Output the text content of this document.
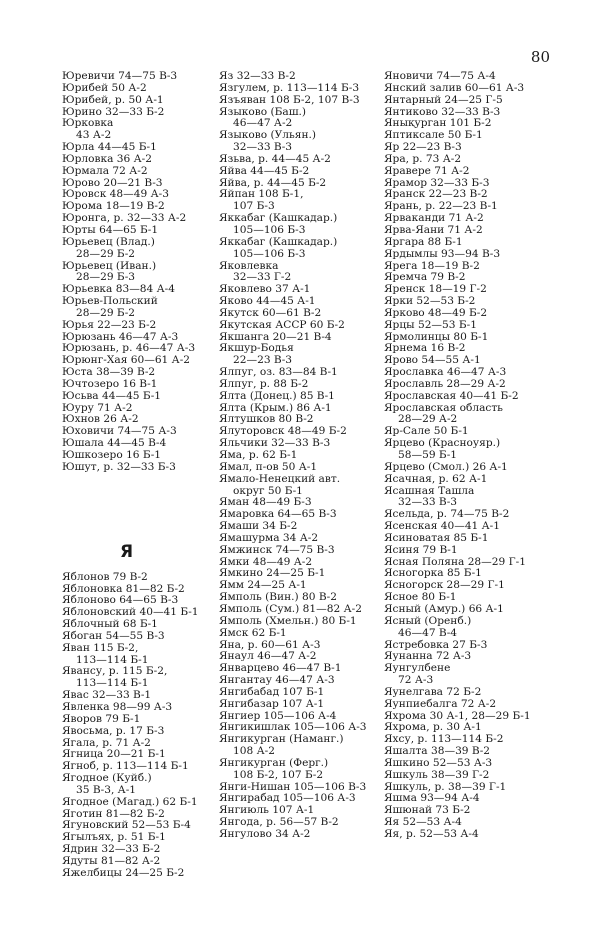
80
Юревичи 74—75 В-3
Юрибей 50 А-2
Юрибей, р. 50 А-1
Юрино 32—33 Б-2
Юрковка
43 А-2
Юрла 44—45 Б-1
Юрловка 36 А-2
Юрмала 72 А-2
Юрово 20—21 В-3
Юровск 48—49 А-3
Юрома 18—19 В-2
Юронга, р. 32—33 А-2
Юрты 64—65 Б-1
Юрьевец (Влад.)
28—29 Б-2
Юрьевец (Иван.)
28—29 Б-3
Юрьевка 83—84 А-4
Юрьев-Польский
28—29 Б-2
Юрья 22—23 Б-2
Юрюзань 46—47 А-3
Юрюзань, р. 46—47 А-3
Юрюнг-Хая 60—61 А-2
Юста 38—39 В-2
Ючтозеро 16 В-1
Юсьва 44—45 Б-1
Юуру 71 А-2
Юхнов 26 А-2
Юховичи 74—75 А-3
Юшала 44—45 В-4
Юшкозеро 16 Б-1
Юшут, р. 32—33 Б-3
Я
Яблонов 79 В-2
Яблоновка 81—82 Б-2
Яблоново 64—65 В-3
Яблоновский 40—41 Б-1
Яблочный 68 Б-1
Ябоган 54—55 В-3
Яван 115 Б-2,
113—114 Б-1
Явансу, р. 115 Б-2,
113—114 Б-1
Явас 32—33 В-1
Явленка 98—99 А-3
Яворов 79 Б-1
Явосьма, р. 17 Б-3
Ягала, р. 71 А-2
Ягница 20—21 Б-1
Ягноб, р. 113—114 Б-1
Ягодное (Куйб.)
35 В-3, А-1
Ягодное (Магад.) 62 Б-1
Яготин 81—82 Б-2
Ягуновский 52—53 Б-4
Ягылъях, р. 51 Б-1
Ядрин 32—33 Б-2
Ядуты 81—82 А-2
Яжелбицы 24—25 Б-2
Яз 32—33 В-2
Язгулем, р. 113—114 Б-3
Язъяван 108 Б-2, 107 В-3
Языково (Баш.)
46—47 А-2
Языково (Ульян.)
32—33 В-3
Язьва, р. 44—45 А-2
Яйва 44—45 Б-2
Яйва, р. 44—45 Б-2
Яйпан 108 Б-1,
107 Б-3
Яккабаг (Кашкадар.)
105—106 Б-3
Яккабаг (Кашкадар.)
105—106 Б-3
Яковлевка
32—33 Г-2
Яковлево 37 А-1
Яково 44—45 А-1
Якутск 60—61 В-2
Якутская АССР 60 Б-2
Якшанга 20—21 В-4
Якшур-Бодья
22—23 В-3
Ялпуг, оз. 83—84 В-1
Ялпуг, р. 88 Б-2
Ялта (Донец.) 85 В-1
Ялта (Крым.) 86 А-1
Ялтушков 80 В-2
Ялуторовск 48—49 Б-2
Яльчики 32—33 В-3
Яма, р. 62 Б-1
Ямал, п-ов 50 А-1
Ямало-Ненецкий авт.
округ 50 Б-1
Яман 48—49 Б-3
Ямаровка 64—65 В-3
Ямаши 34 Б-2
Ямашурма 34 А-2
Ямжинск 74—75 В-3
Ямки 48—49 А-2
Ямкино 24—25 Б-1
Ямм 24—25 А-1
Ямполь (Вин.) 80 В-2
Ямполь (Сум.) 81—82 А-2
Ямполь (Хмельн.) 80 Б-1
Ямск 62 Б-1
Яна, р. 60—61 А-3
Янаул 46—47 А-2
Январцево 46—47 В-1
Янгантау 46—47 А-3
Янгибабад 107 Б-1
Янгибазар 107 А-1
Янгиер 105—106 А-4
Янгикишлак 105—106 А-3
Янгикурган (Наманг.)
108 А-2
Янгикурган (Ферг.)
108 Б-2, 107 Б-2
Янги-Нишан 105—106 В-3
Янгирабад 105—106 А-3
Янгиюль 107 А-1
Янгода, р. 56—57 В-2
Янгулово 34 А-2
Яновичи 74—75 А-4
Янский залив 60—61 А-3
Янтарный 24—25 Г-5
Янтиково 32—33 В-3
Янықурган 101 Б-2
Яптиксале 50 Б-1
Яр 22—23 В-3
Яра, р. 73 А-2
Яравере 71 А-2
Ярамор 32—33 Б-3
Яранск 22—23 В-2
Ярань, р. 22—23 В-1
Ярваканди 71 А-2
Ярва-Яани 71 А-2
Яргара 88 Б-1
Ярдымлы 93—94 В-3
Ярега 18—19 В-2
Яремча 79 В-2
Яренск 18—19 Г-2
Ярки 52—53 Б-2
Ярково 48—49 Б-2
Ярцы 52—53 Б-1
Ярмолинцы 80 Б-1
Ярнема 16 В-2
Ярово 54—55 А-1
Ярославка 46—47 А-3
Ярославль 28—29 А-2
Ярославская 40—41 Б-2
Ярославская область
28—29 А-2
Яр-Сале 50 Б-1
Ярцево (Красноуяр.)
58—59 Б-1
Ярцево (Смол.) 26 А-1
Ясачная, р. 62 А-1
Ясашная Ташла
32—33 В-3
Ясельда, р. 74—75 В-2
Ясенская 40—41 А-1
Ясиноватая 85 Б-1
Ясиня 79 В-1
Ясная Поляна 28—29 Г-1
Ясногорка 85 Б-1
Ясногорск 28—29 Г-1
Ясное 80 Б-1
Ясный (Амур.) 66 А-1
Ясный (Оренб.)
46—47 В-4
Ястребовка 27 Б-3
Яунанна 72 А-3
Яунгулбене
72 А-3
Яунелгава 72 Б-2
Яунпиебалга 72 А-2
Яхрома 30 А-1, 28—29 Б-1
Яхрома, р. 30 А-1
Яхсу, р. 113—114 Б-2
Яшалта 38—39 В-2
Яшкино 52—53 А-3
Яшкуль 38—39 Г-2
Яшкуль, р. 38—39 Г-1
Яшма 93—94 А-4
Яшюнай 73 Б-2
Яя 52—53 А-4
Яя, р. 52—53 А-4
